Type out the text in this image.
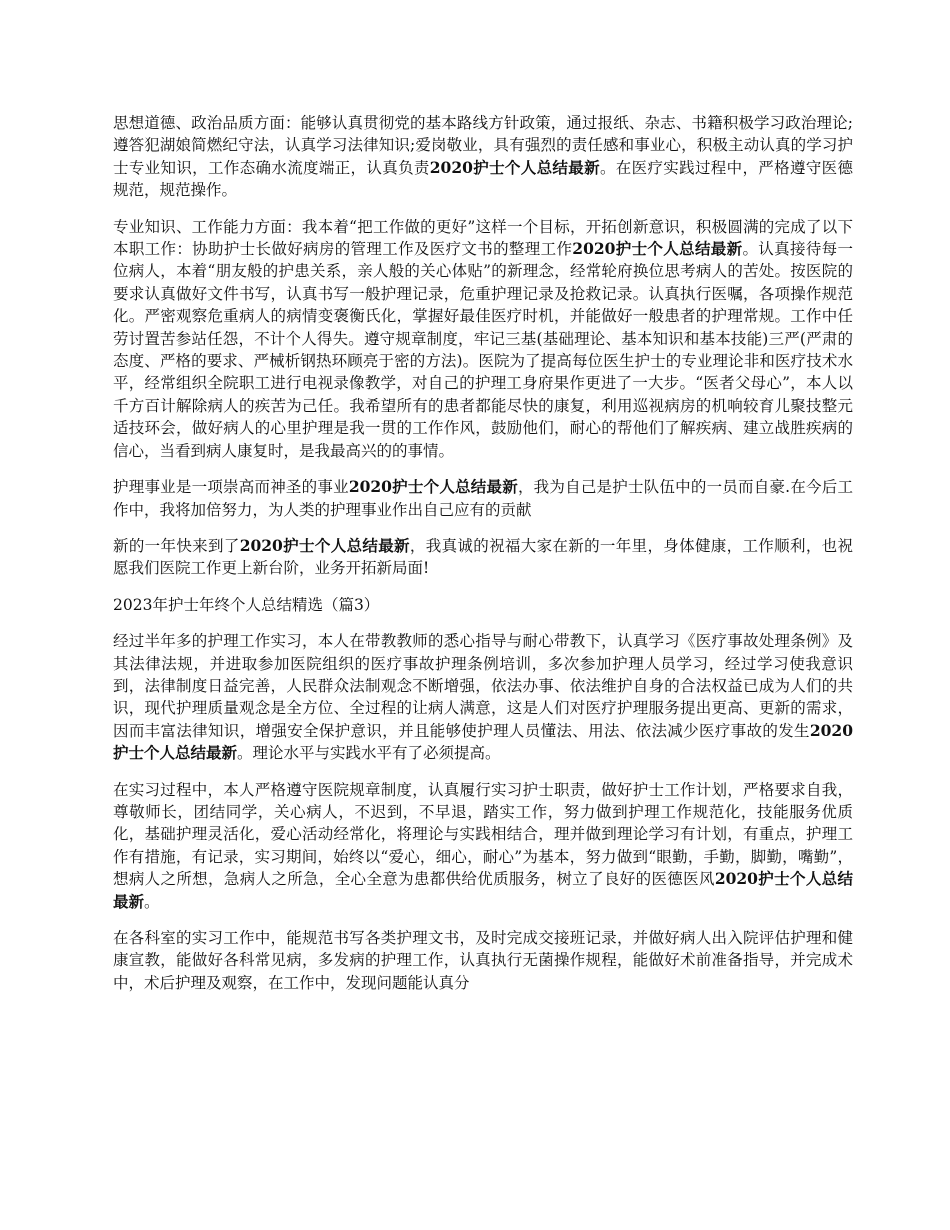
思想道德、政治品质方面：能够认真贯彻党的基本路线方针政策，通过报纸、杂志、书籍积极学习政治理论;遵答犯湖娘简燃纪守法，认真学习法律知识;爱岗敬业，具有强烈的责任感和事业心，积极主动认真的学习护士专业知识，工作态确水流度端正，认真负责2020护士个人总结最新。在医疗实践过程中，严格遵守医德规范，规范操作。

专业知识、工作能力方面：我本着“把工作做的更好”这样一个目标，开拓创新意识，积极圆满的完成了以下本职工作：协助护士长做好病房的管理工作及医疗文书的整理工作2020护士个人总结最新。认真接待每一位病人，本着“朋友般的护患关系，亲人般的关心体贴”的新理念，经常轮府换位思考病人的苦处。按医院的要求认真做好文件书写，认真书写一般护理记录，危重护理记录及抢救记录。认真执行医嘱，各项操作规范化。严密观察危重病人的病情变褒衡氏化，掌握好最佳医疗时机，并能做好一般患者的护理常规。工作中任劳讨置苦参站任怨，不计个人得失。遵守规章制度，牢记三基(基础理论、基本知识和基本技能)三严(严肃的态度、严格的要求、严械析钢热环顾亮于密的方法)。医院为了提高每位医生护士的专业理论非和医疗技术水平，经常组织全院职工进行电视录像教学，对自己的护理工身府果作更进了一大步。“医者父母心”，本人以千方百计解除病人的疾苦为己任。我希望所有的患者都能尽快的康复，利用巡视病房的机响较育儿聚技整元适技环会，做好病人的心里护理是我一贯的工作作风，鼓励他们，耐心的帮他们了解疾病、建立战胜疾病的信心，当看到病人康复时，是我最高兴的的事情。

护理事业是一项崇高而神圣的事业2020护士个人总结最新，我为自己是护士队伍中的一员而自豪.在今后工作中，我将加倍努力，为人类的护理事业作出自己应有的贡献

新的一年快来到了2020护士个人总结最新，我真诚的祝福大家在新的一年里，身体健康，工作顺利，也祝愿我们医院工作更上新台阶，业务开拓新局面!

2023年护士年终个人总结精选（篇3）

经过半年多的护理工作实习，本人在带教教师的悉心指导与耐心带教下，认真学习《医疗事故处理条例》及其法律法规，并进取参加医院组织的医疗事故护理条例培训，多次参加护理人员学习，经过学习使我意识到，法律制度日益完善，人民群众法制观念不断增强，依法办事、依法维护自身的合法权益已成为人们的共识，现代护理质量观念是全方位、全过程的让病人满意，这是人们对医疗护理服务提出更高、更新的需求，因而丰富法律知识，增强安全保护意识，并且能够使护理人员懂法、用法、依法减少医疗事故的发生2020护士个人总结最新。理论水平与实践水平有了必须提高。

在实习过程中，本人严格遵守医院规章制度，认真履行实习护士职责，做好护士工作计划，严格要求自我，尊敬师长，团结同学，关心病人，不迟到，不早退，踏实工作，努力做到护理工作规范化，技能服务优质化，基础护理灵活化，爱心活动经常化，将理论与实践相结合，理并做到理论学习有计划，有重点，护理工作有措施，有记录，实习期间，始终以“爱心，细心，耐心”为基本，努力做到“眼勤，手勤，脚勤，嘴勤”，想病人之所想，急病人之所急，全心全意为患都供给优质服务，树立了良好的医德医风2020护士个人总结最新。

在各科室的实习工作中，能规范书写各类护理文书，及时完成交接班记录，并做好病人出入院评估护理和健康宣教，能做好各科常见病，多发病的护理工作，认真执行无菌操作规程，能做好术前准备指导，并完成术中，术后护理及观察，在工作中，发现问题能认真分
